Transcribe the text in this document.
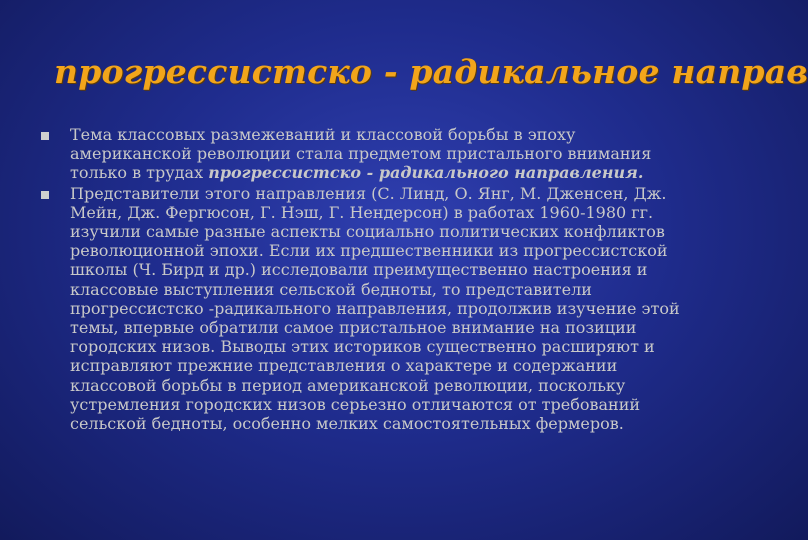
прогрессистско - радикальное направ
Тема классовых размежеваний и классовой борьбы в эпоху американской революции стала предметом пристального внимания только в трудах прогрессистско - радикального направления.
Представители этого направления (С. Линд, О. Янг, М. Дженсен, Дж. Мейн, Дж. Фергюсон, Г. Нэш, Г. Нендерсон) в работах 1960-1980 гг. изучили самые разные аспекты социально политических конфликтов революционной эпохи. Если их предшественники из прогрессистской школы (Ч. Бирд и др.) исследовали преимущественно настроения и классовые выступления сельской бедноты, то представители прогрессистско -радикального направления, продолжив изучение этой темы, впервые обратили самое пристальное внимание на позиции городских низов. Выводы этих историков существенно расширяют и исправляют прежние представления о характере и содержании классовой борьбы в период американской революции, поскольку устремления городских низов серьезно отличаются от требований сельской бедноты, особенно мелких самостоятельных фермеров.
